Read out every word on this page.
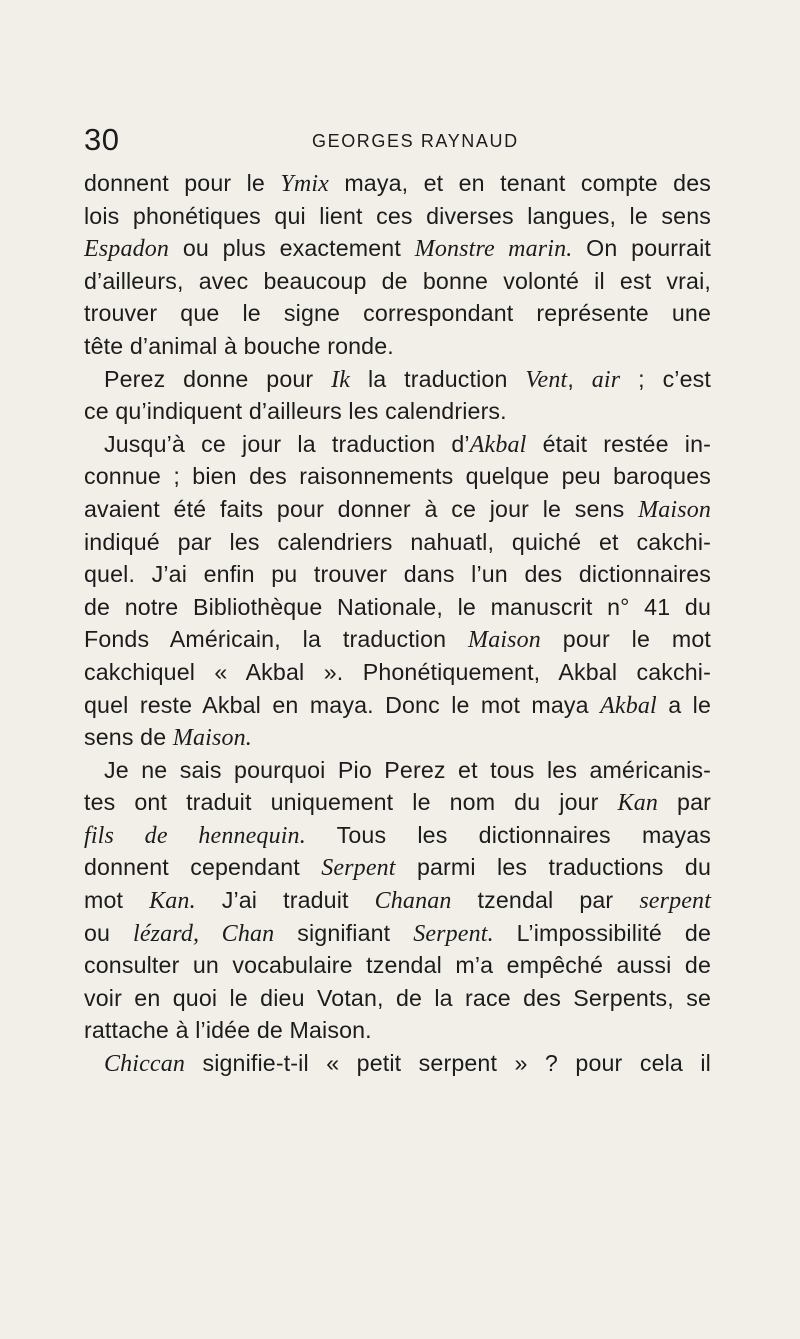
30	GEORGES RAYNAUD
donnent pour le Ymix maya, et en tenant compte des
lois phonétiques qui lient ces diverses langues, le sens
Espadon ou plus exactement Monstre marin. On pourrait
d’ailleurs, avec beaucoup de bonne volonté il est vrai,
trouver que le signe correspondant représente une
tête d’animal à bouche ronde.
Perez donne pour Ik la traduction Vent, air ; c’est
ce qu’indiquent d’ailleurs les calendriers.
Jusqu’à ce jour la traduction d’Akbal était restée in-
connue ; bien des raisonnements quelque peu baroques
avaient été faits pour donner à ce jour le sens Maison
indiqué par les calendriers nahuatl, quiché et cakchi-
quel. J’ai enfin pu trouver dans l’un des dictionnaires
de notre Bibliothèque Nationale, le manuscrit n° 41 du
Fonds Américain, la traduction Maison pour le mot
cakchiquel « Akbal ». Phonétiquement, Akbal cakchi-
quel reste Akbal en maya. Donc le mot maya Akbal a le
sens de Maison.
Je ne sais pourquoi Pio Perez et tous les américanis-
tes ont traduit uniquement le nom du jour Kan par
fils de hennequin. Tous les dictionnaires mayas
donnent cependant Serpent parmi les traductions du
mot Kan. J’ai traduit Chanan tzendal par serpent
ou lézard, Chan signifiant Serpent. L’impossibilité de
consulter un vocabulaire tzendal m’a empêché aussi de
voir en quoi le dieu Votan, de la race des Serpents, se
rattache à l’idée de Maison.
Chiccan signifie-t-il « petit serpent » ? pour cela il
